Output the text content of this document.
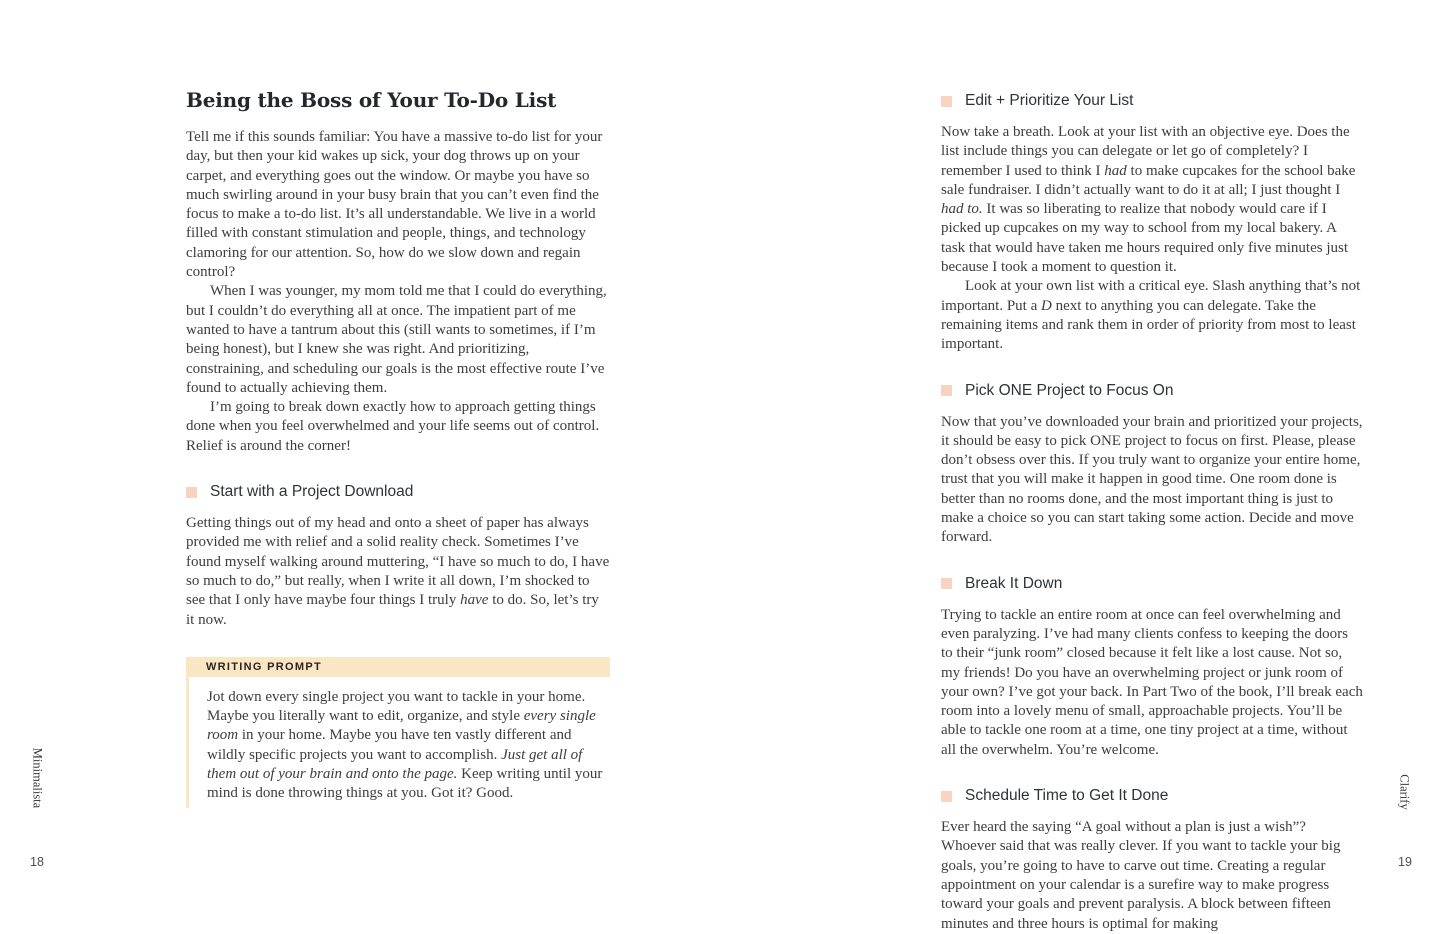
Being the Boss of Your To-Do List

Tell me if this sounds familiar: You have a massive to-do list for your day, but then your kid wakes up sick, your dog throws up on your carpet, and everything goes out the window. Or maybe you have so much swirling around in your busy brain that you can’t even find the focus to make a to-do list. It’s all understandable. We live in a world filled with constant stimulation and people, things, and technology clamoring for our attention. So, how do we slow down and regain control?

When I was younger, my mom told me that I could do everything, but I couldn’t do everything all at once. The impatient part of me wanted to have a tantrum about this (still wants to sometimes, if I’m being honest), but I knew she was right. And prioritizing, constraining, and scheduling our goals is the most effective route I’ve found to actually achieving them.

I’m going to break down exactly how to approach getting things done when you feel overwhelmed and your life seems out of control. Relief is around the corner!

Start with a Project Download

Getting things out of my head and onto a sheet of paper has always provided me with relief and a solid reality check. Sometimes I’ve found myself walking around muttering, “I have so much to do, I have so much to do,” but really, when I write it all down, I’m shocked to see that I only have maybe four things I truly have to do. So, let’s try it now.

WRITING PROMPT

Jot down every single project you want to tackle in your home. Maybe you literally want to edit, organize, and style every single room in your home. Maybe you have ten vastly different and wildly specific projects you want to accomplish. Just get all of them out of your brain and onto the page. Keep writing until your mind is done throwing things at you. Got it? Good.

Edit + Prioritize Your List

Now take a breath. Look at your list with an objective eye. Does the list include things you can delegate or let go of completely? I remember I used to think I had to make cupcakes for the school bake sale fundraiser. I didn’t actually want to do it at all; I just thought I had to. It was so liberating to realize that nobody would care if I picked up cupcakes on my way to school from my local bakery. A task that would have taken me hours required only five minutes just because I took a moment to question it.

Look at your own list with a critical eye. Slash anything that’s not important. Put a D next to anything you can delegate. Take the remaining items and rank them in order of priority from most to least important.

Pick ONE Project to Focus On

Now that you’ve downloaded your brain and prioritized your projects, it should be easy to pick ONE project to focus on first. Please, please don’t obsess over this. If you truly want to organize your entire home, trust that you will make it happen in good time. One room done is better than no rooms done, and the most important thing is just to make a choice so you can start taking some action. Decide and move forward.

Break It Down

Trying to tackle an entire room at once can feel overwhelming and even paralyzing. I’ve had many clients confess to keeping the doors to their “junk room” closed because it felt like a lost cause. Not so, my friends! Do you have an overwhelming project or junk room of your own? I’ve got your back. In Part Two of the book, I’ll break each room into a lovely menu of small, approachable projects. You’ll be able to tackle one room at a time, one tiny project at a time, without all the overwhelm. You’re welcome.

Schedule Time to Get It Done

Ever heard the saying “A goal without a plan is just a wish”? Whoever said that was really clever. If you want to tackle your big goals, you’re going to have to carve out time. Creating a regular appointment on your calendar is a surefire way to make progress toward your goals and prevent paralysis. A block between fifteen minutes and three hours is optimal for making

Minimalista	Clarify
18	19
